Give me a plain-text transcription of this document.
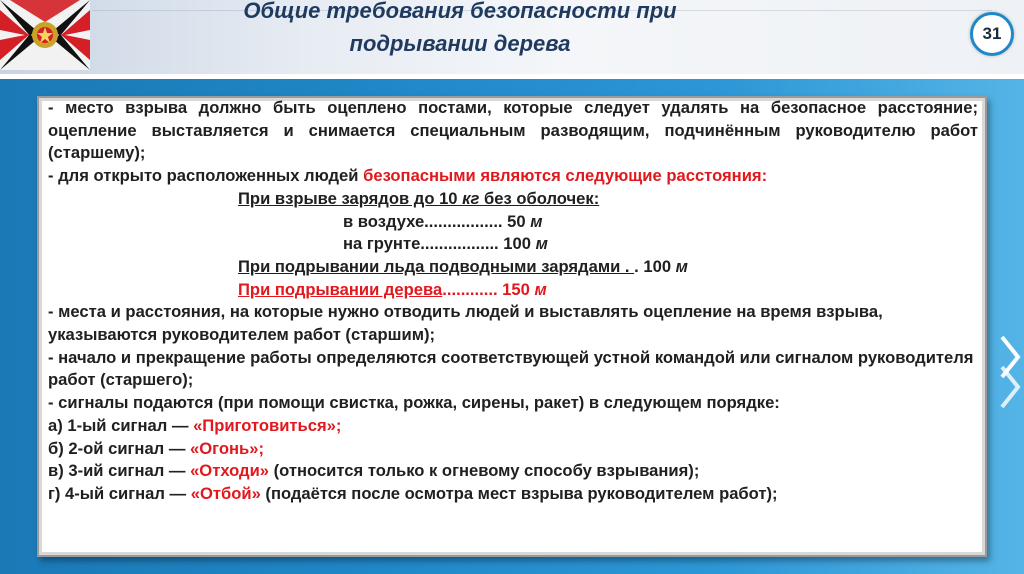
Общие требования безопасности при
подрывании дерева	31

- место взрыва должно быть оцеплено постами, которые следует удалять на безопасное расстояние; оцепление выставляется и снимается специальным разводящим, подчинённым руководителю работ (старшему);

- для открыто расположенных людей безопасными являются следующие расстояния:

При взрыве зарядов до 10 кг без оболочек:

в воздухе................. 50 м

на грунте................. 100 м

При подрывании льда подводными зарядами . . 100 м

При подрывании дерева............ 150 м

- места и расстояния, на которые нужно отводить людей и выставлять оцепление на время взрыва, указываются руководителем работ (старшим);

- начало и прекращение работы определяются соответствующей устной командой или сигналом руководителя работ (старшего);

- сигналы подаются (при помощи свистка, рожка, сирены, ракет) в следующем порядке:

а) 1-ый сигнал — «Приготовиться»;

б) 2-ой сигнал — «Огонь»;

в) 3-ий сигнал — «Отходи» (относится только к огневому способу взрывания);

г) 4-ый сигнал — «Отбой» (подаётся после осмотра мест взрыва руководителем работ);
